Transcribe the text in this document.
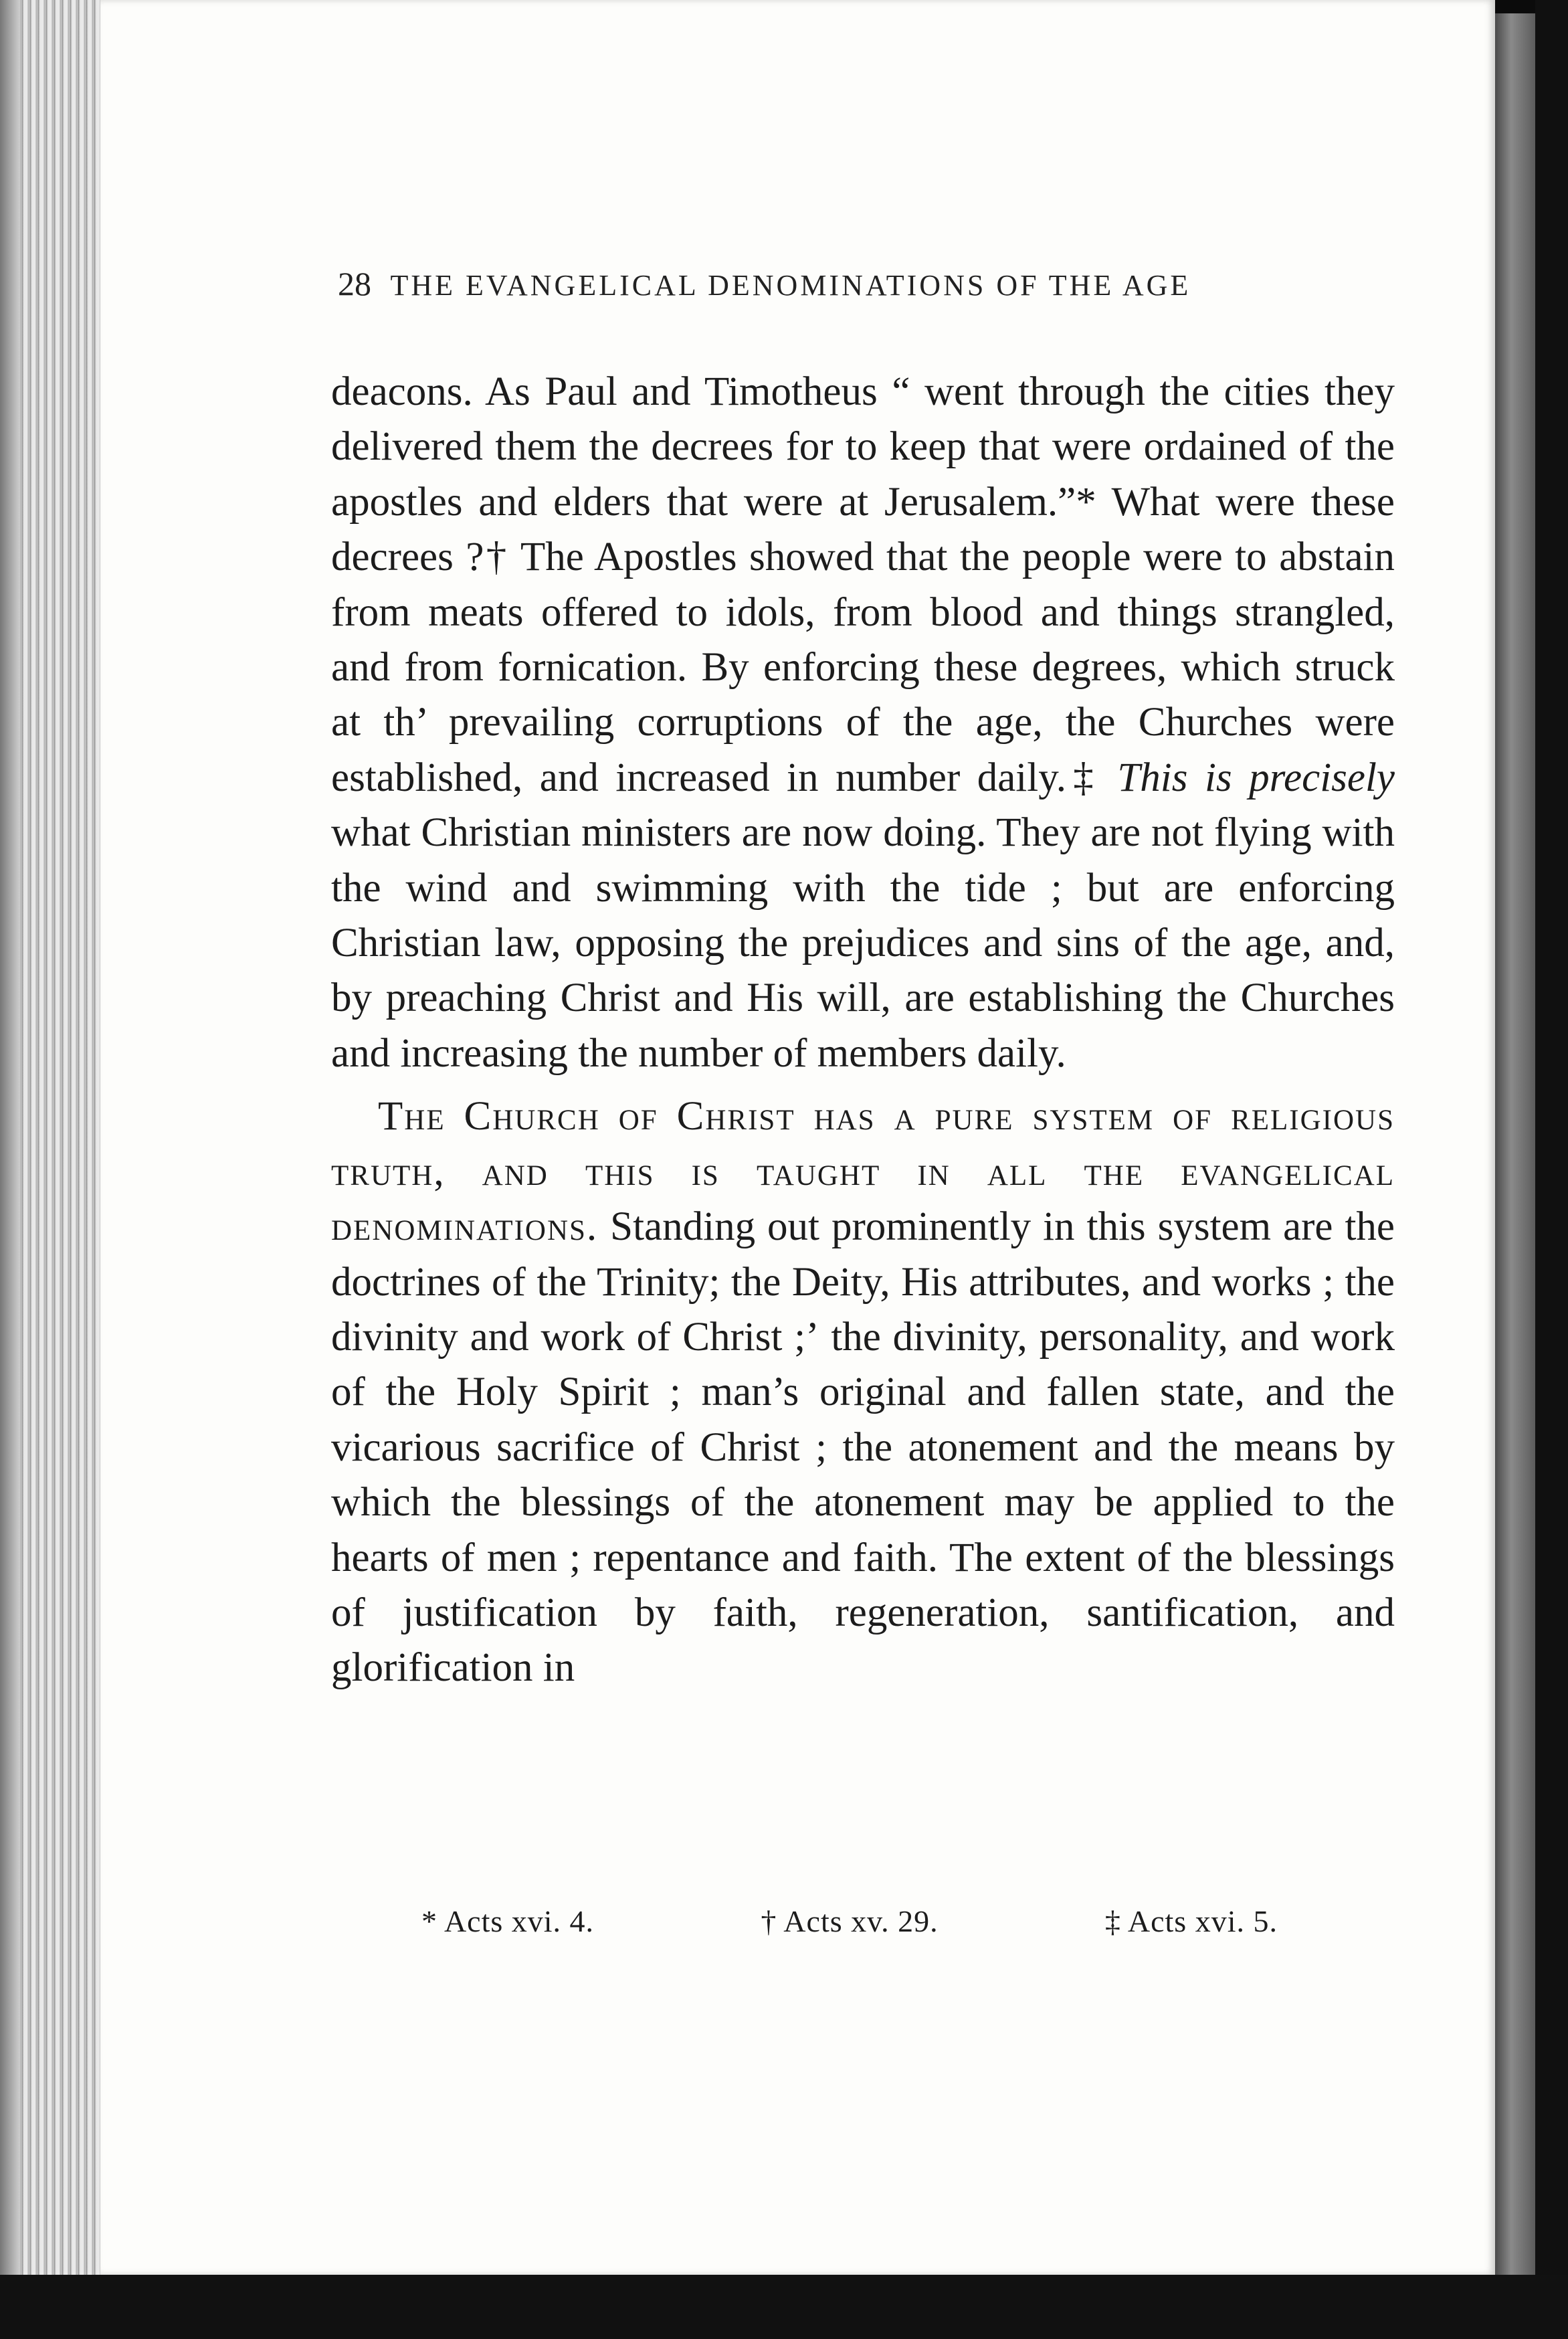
28 THE EVANGELICAL DENOMINATIONS OF THE AGE

deacons. As Paul and Timotheus “ went through the cities they delivered them the decrees for to keep that were ordained of the apostles and elders that were at Jerusalem.”* What were these decrees ?† The Apostles showed that the people were to abstain from meats offered to idols, from blood and things strangled, and from fornication. By enforcing these degrees, which struck at th’ prevailing corruptions of the age, the Churches were established, and increased in number daily.‡ This is precisely what Christian ministers are now doing. They are not flying with the wind and swimming with the tide ; but are enforcing Christian law, opposing the prejudices and sins of the age, and, by preaching Christ and His will, are establishing the Churches and increasing the number of members daily.

The Church of Christ has a pure system of religious truth, and this is taught in all the evangelical denominations. Standing out prominently in this system are the doctrines of the Trinity; the Deity, His attributes, and works ; the divinity and work of Christ ;ʼ the divinity, personality, and work of the Holy Spirit ; man’s original and fallen state, and the vicarious sacrifice of Christ ; the atonement and the means by which the blessings of the atonement may be applied to the hearts of men ; repentance and faith. The extent of the blessings of justification by faith, regeneration, santification, and glorification in

* Acts xvi. 4.	† Acts xv. 29.	‡ Acts xvi. 5.
